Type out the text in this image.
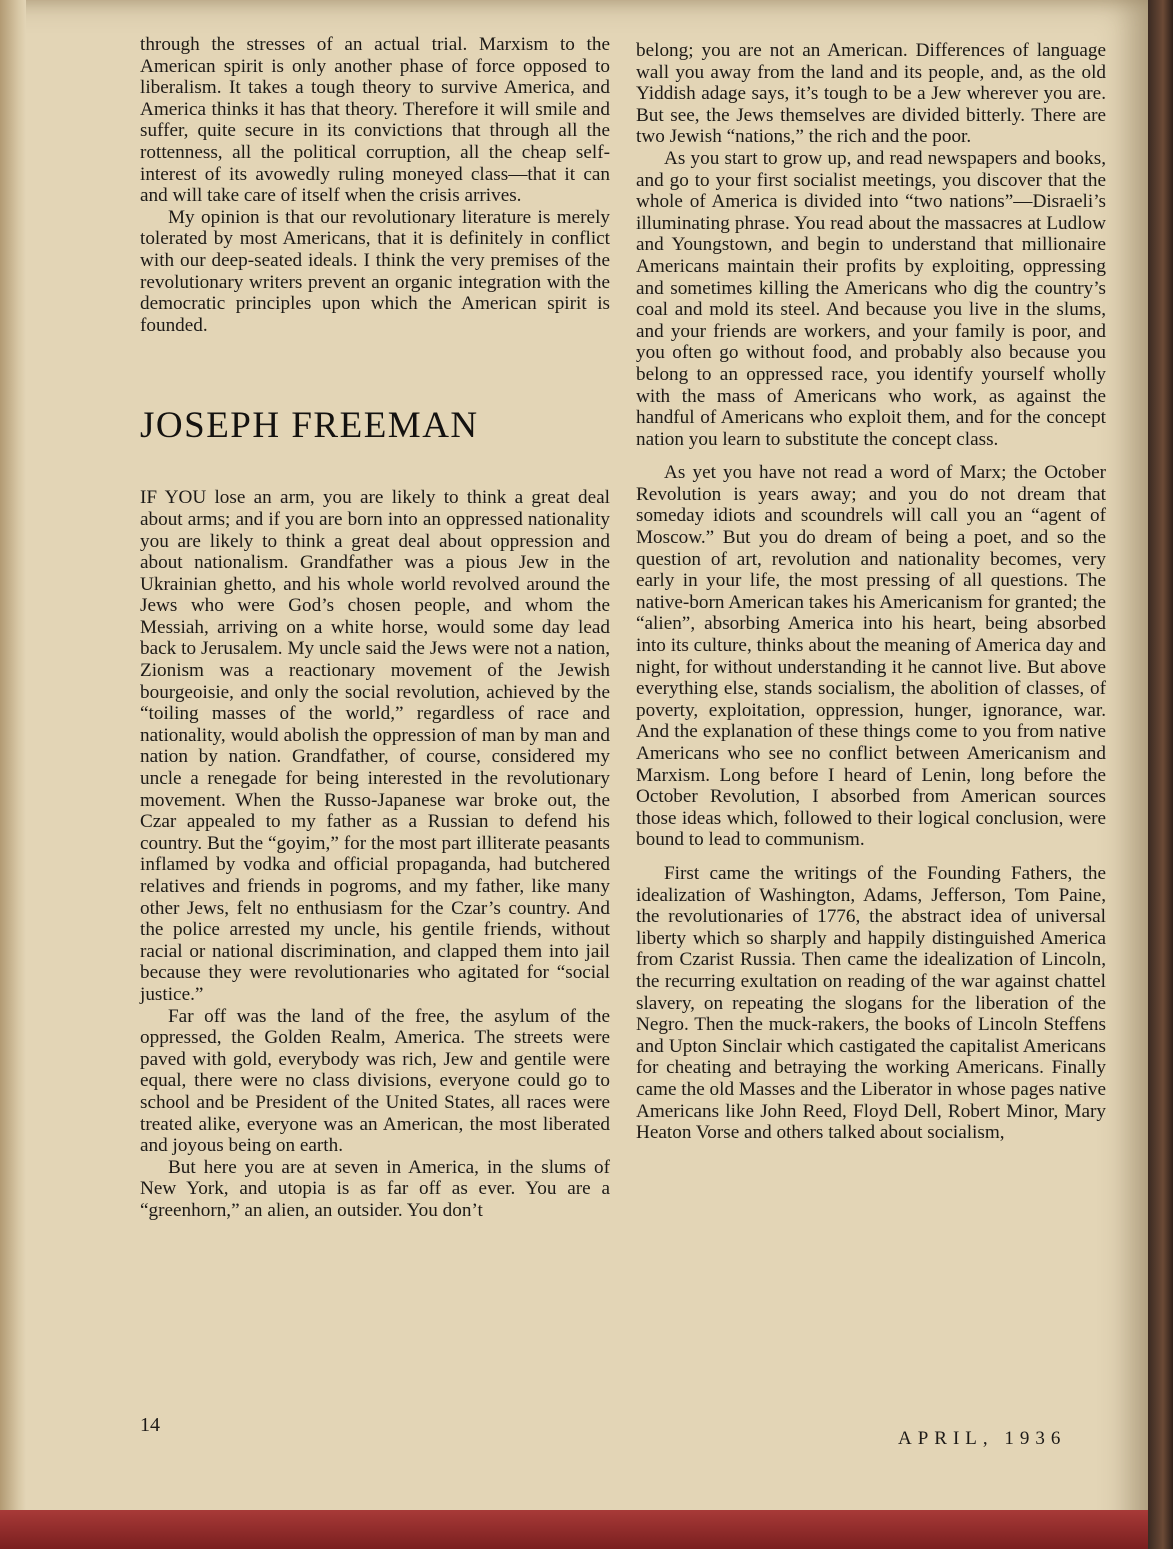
through the stresses of an actual trial. Marxism to the American spirit is only another phase of force opposed to liberalism. It takes a tough theory to survive America, and America thinks it has that theory. Therefore it will smile and suffer, quite secure in its convictions that through all the rottenness, all the political corruption, all the cheap self-interest of its avowedly ruling moneyed class—that it can and will take care of itself when the crisis arrives.

My opinion is that our revolutionary literature is merely tolerated by most Americans, that it is definitely in conflict with our deep-seated ideals. I think the very premises of the revolutionary writers prevent an organic integration with the democratic principles upon which the American spirit is founded.

JOSEPH FREEMAN

IF YOU lose an arm, you are likely to think a great deal about arms; and if you are born into an oppressed nationality you are likely to think a great deal about oppression and about nationalism. Grandfather was a pious Jew in the Ukrainian ghetto, and his whole world revolved around the Jews who were God’s chosen people, and whom the Messiah, arriving on a white horse, would some day lead back to Jerusalem. My uncle said the Jews were not a nation, Zionism was a reactionary movement of the Jewish bourgeoisie, and only the social revolution, achieved by the “toiling masses of the world,” regardless of race and nationality, would abolish the oppression of man by man and nation by nation. Grandfather, of course, considered my uncle a renegade for being interested in the revolutionary movement. When the Russo-Japanese war broke out, the Czar appealed to my father as a Russian to defend his country. But the “goyim,” for the most part illiterate peasants inflamed by vodka and official propaganda, had butchered relatives and friends in pogroms, and my father, like many other Jews, felt no enthusiasm for the Czar’s country. And the police arrested my uncle, his gentile friends, without racial or national discrimination, and clapped them into jail because they were revolutionaries who agitated for “social justice.”

Far off was the land of the free, the asylum of the oppressed, the Golden Realm, America. The streets were paved with gold, everybody was rich, Jew and gentile were equal, there were no class divisions, everyone could go to school and be President of the United States, all races were treated alike, everyone was an American, the most liberated and joyous being on earth.

But here you are at seven in America, in the slums of New York, and utopia is as far off as ever. You are a “greenhorn,” an alien, an outsider. You don’t

belong; you are not an American. Differences of language wall you away from the land and its people, and, as the old Yiddish adage says, it’s tough to be a Jew wherever you are. But see, the Jews themselves are divided bitterly. There are two Jewish “nations,” the rich and the poor.

As you start to grow up, and read newspapers and books, and go to your first socialist meetings, you discover that the whole of America is divided into “two nations”—Disraeli’s illuminating phrase. You read about the massacres at Ludlow and Youngstown, and begin to understand that millionaire Americans maintain their profits by exploiting, oppressing and sometimes killing the Americans who dig the country’s coal and mold its steel. And because you live in the slums, and your friends are workers, and your family is poor, and you often go without food, and probably also because you belong to an oppressed race, you identify yourself wholly with the mass of Americans who work, as against the handful of Americans who exploit them, and for the concept nation you learn to substitute the concept class.

As yet you have not read a word of Marx; the October Revolution is years away; and you do not dream that someday idiots and scoundrels will call you an “agent of Moscow.” But you do dream of being a poet, and so the question of art, revolution and nationality becomes, very early in your life, the most pressing of all questions. The native-born American takes his Americanism for granted; the “alien”, absorbing America into his heart, being absorbed into its culture, thinks about the meaning of America day and night, for without understanding it he cannot live. But above everything else, stands socialism, the abolition of classes, of poverty, exploitation, oppression, hunger, ignorance, war. And the explanation of these things come to you from native Americans who see no conflict between Americanism and Marxism. Long before I heard of Lenin, long before the October Revolution, I absorbed from American sources those ideas which, followed to their logical conclusion, were bound to lead to communism.

First came the writings of the Founding Fathers, the idealization of Washington, Adams, Jefferson, Tom Paine, the revolutionaries of 1776, the abstract idea of universal liberty which so sharply and happily distinguished America from Czarist Russia. Then came the idealization of Lincoln, the recurring exultation on reading of the war against chattel slavery, on repeating the slogans for the liberation of the Negro. Then the muck-rakers, the books of Lincoln Steffens and Upton Sinclair which castigated the capitalist Americans for cheating and betraying the working Americans. Finally came the old Masses and the Liberator in whose pages native Americans like John Reed, Floyd Dell, Robert Minor, Mary Heaton Vorse and others talked about socialism,

14
APRIL, 1936
